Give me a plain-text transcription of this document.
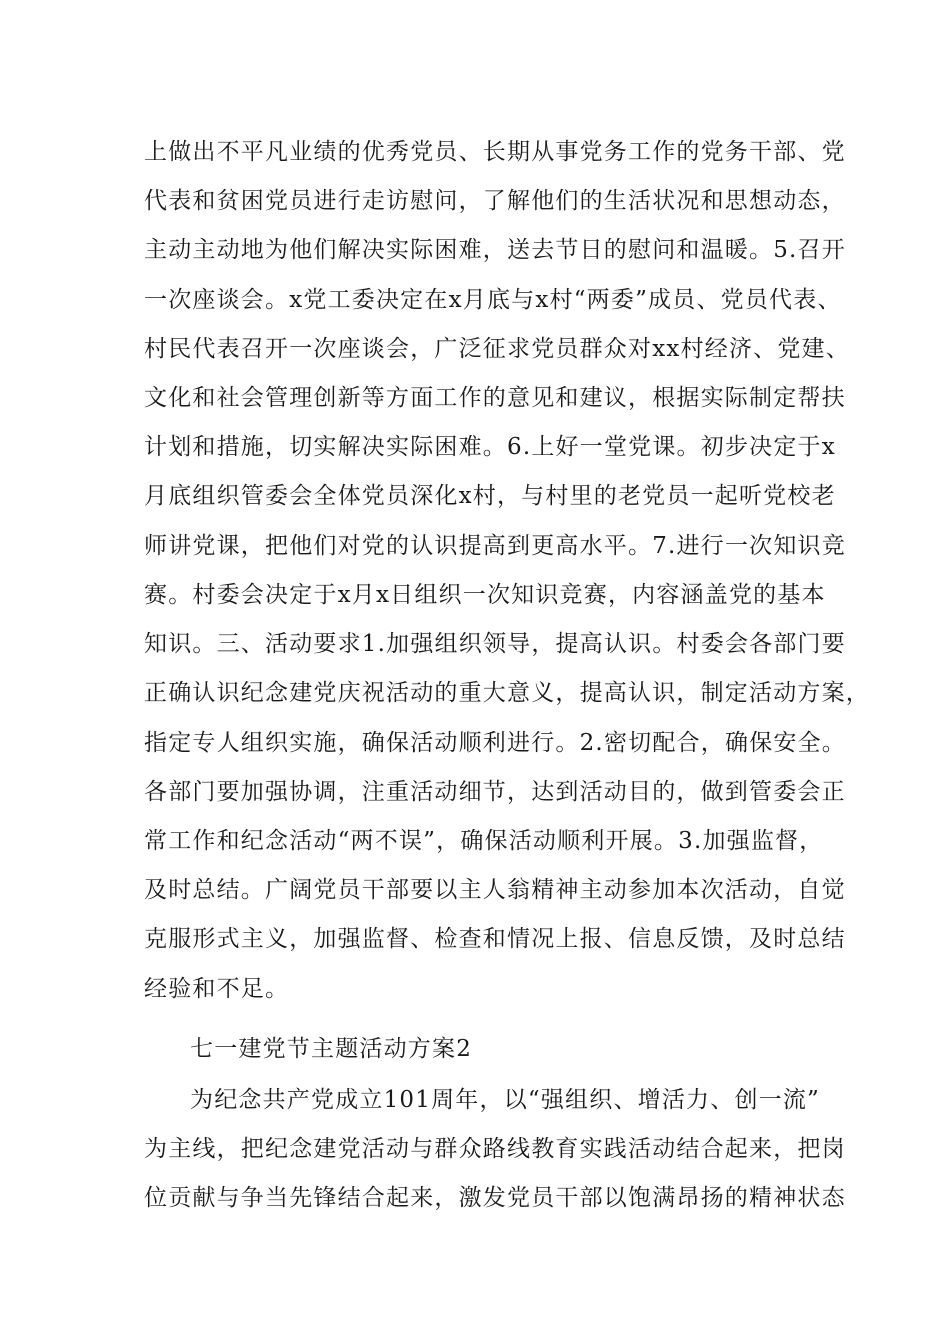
上做出不平凡业绩的优秀党员、长期从事党务工作的党务干部、党
代表和贫困党员进行走访慰问，了解他们的生活状况和思想动态，
主动主动地为他们解决实际困难，送去节日的慰问和温暖。5.召开
一次座谈会。x党工委决定在x月底与x村“两委”成员、党员代表、
村民代表召开一次座谈会，广泛征求党员群众对xx村经济、党建、
文化和社会管理创新等方面工作的意见和建议，根据实际制定帮扶
计划和措施，切实解决实际困难。6.上好一堂党课。初步决定于x
月底组织管委会全体党员深化x村，与村里的老党员一起听党校老
师讲党课，把他们对党的认识提高到更高水平。7.进行一次知识竞
赛。村委会决定于x月x日组织一次知识竞赛，内容涵盖党的基本
知识。三、活动要求1.加强组织领导，提高认识。村委会各部门要
正确认识纪念建党庆祝活动的重大意义，提高认识，制定活动方案，
指定专人组织实施，确保活动顺利进行。2.密切配合，确保安全。
各部门要加强协调，注重活动细节，达到活动目的，做到管委会正
常工作和纪念活动“两不误”，确保活动顺利开展。3.加强监督，
及时总结。广阔党员干部要以主人翁精神主动参加本次活动，自觉
克服形式主义，加强监督、检查和情况上报、信息反馈，及时总结
经验和不足。
七一建党节主题活动方案2
为纪念共产党成立101周年，以“强组织、增活力、创一流”
为主线，把纪念建党活动与群众路线教育实践活动结合起来，把岗
位贡献与争当先锋结合起来，激发党员干部以饱满昂扬的精神状态
